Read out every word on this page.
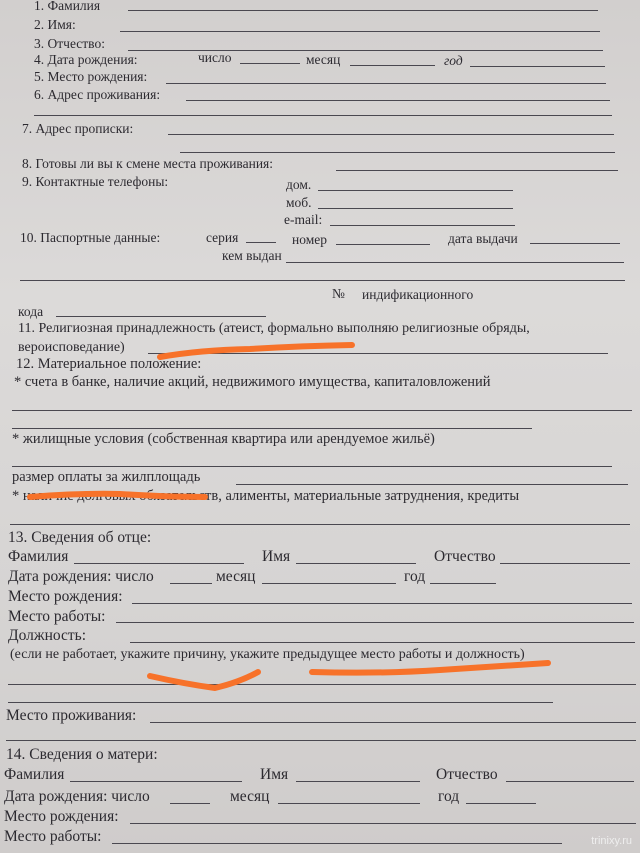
1. Фамилия
2. Имя:
3. Отчество:
4. Дата рождения:	число	месяц	год
5. Место рождения:
6. Адрес проживания:
7. Адрес прописки:
8. Готовы ли вы к смене места проживания:
9. Контактные телефоны:	дом.
моб.
e-mail:
10. Паспортные данные:	серия	номер	дата выдачи
кем выдан
№ индификационного
кода
11. Религиозная принадлежность (атеист, формально выполняю религиозные обряды,
вероисповедание)
12. Материальное положение:
* счета в банке, наличие акций, недвижимого имущества, капиталовложений
* жилищные условия (собственная квартира или арендуемое жильё)
размер оплаты за жилплощадь
* наличие долговых обязательств, алименты, материальные затруднения, кредиты
13. Сведения об отце:
Фамилия	Имя	Отчество
Дата рождения: число	месяц	год
Место рождения:
Место работы:
Должность:
(если не работает, укажите причину, укажите предыдущее место работы и должность)
Место проживания:
14. Сведения о матери:
Фамилия	Имя	Отчество
Дата рождения: число	месяц	год
Место рождения:
Место работы:	trinixy.ru
